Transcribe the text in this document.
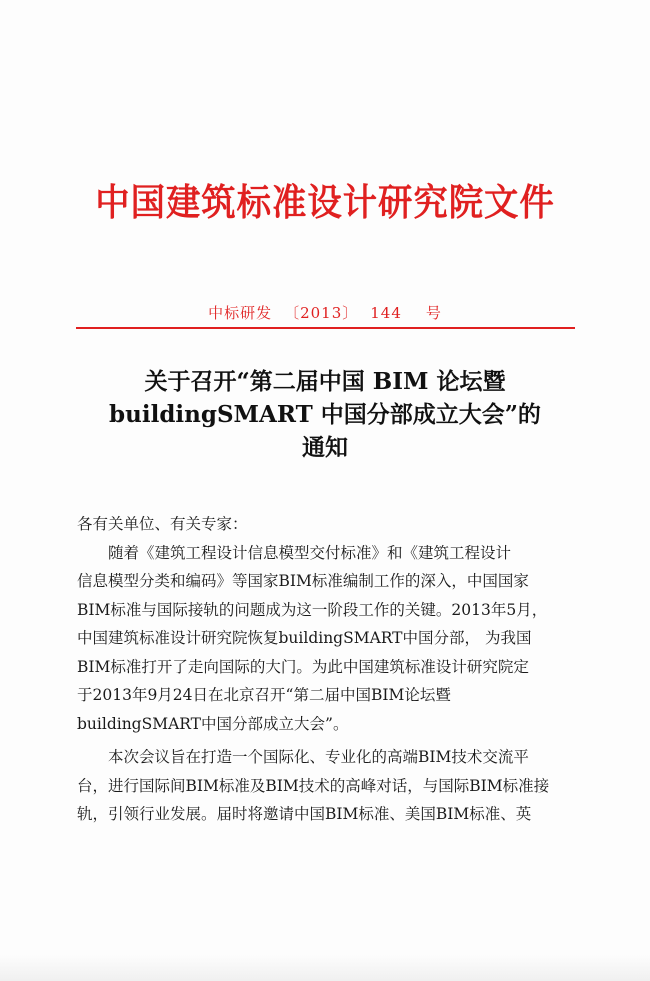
中国建筑标准设计研究院文件
中标研发 〔2013〕 144 号
关于召开“第二届中国 BIM 论坛暨
buildingSMART 中国分部成立大会”的
通知
各有关单位、有关专家：
随着《建筑工程设计信息模型交付标准》和《建筑工程设计
信息模型分类和编码》等国家BIM标准编制工作的深入，中国国家
BIM标准与国际接轨的问题成为这一阶段工作的关键。2013年5月，
中国建筑标准设计研究院恢复buildingSMART中国分部， 为我国
BIM标准打开了走向国际的大门。为此中国建筑标准设计研究院定
于2013年9月24日在北京召开“第二届中国BIM论坛暨
buildingSMART中国分部成立大会”。
本次会议旨在打造一个国际化、专业化的高端BIM技术交流平
台，进行国际间BIM标准及BIM技术的高峰对话，与国际BIM标准接
轨，引领行业发展。届时将邀请中国BIM标准、美国BIM标准、英
